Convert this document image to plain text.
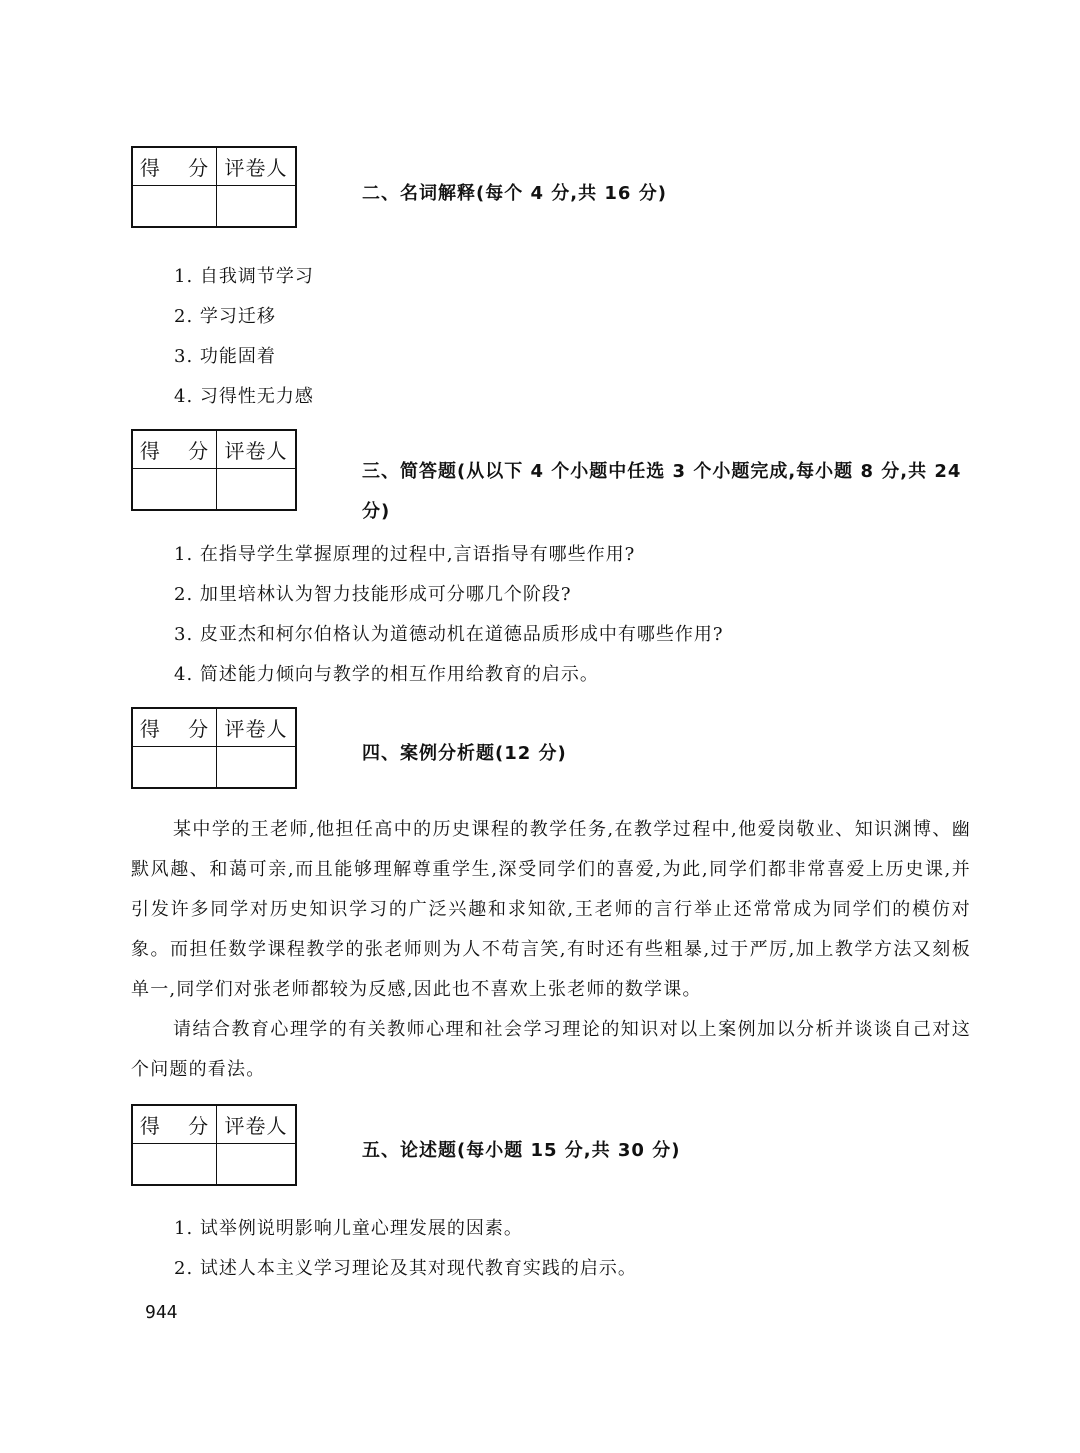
得 分 评卷人
二、名词解释(每个 4 分,共 16 分)
1. 自我调节学习
2. 学习迁移
3. 功能固着
4. 习得性无力感
得 分 评卷人
三、简答题(从以下 4 个小题中任选 3 个小题完成,每小题 8 分,共 24 分)
1. 在指导学生掌握原理的过程中,言语指导有哪些作用?
2. 加里培林认为智力技能形成可分哪几个阶段?
3. 皮亚杰和柯尔伯格认为道德动机在道德品质形成中有哪些作用?
4. 简述能力倾向与教学的相互作用给教育的启示。
得 分 评卷人
四、案例分析题(12 分)
某中学的王老师,他担任高中的历史课程的教学任务,在教学过程中,他爱岗敬业、知识渊博、幽默风趣、和蔼可亲,而且能够理解尊重学生,深受同学们的喜爱,为此,同学们都非常喜爱上历史课,并引发许多同学对历史知识学习的广泛兴趣和求知欲,王老师的言行举止还常常成为同学们的模仿对象。而担任数学课程教学的张老师则为人不苟言笑,有时还有些粗暴,过于严厉,加上教学方法又刻板单一,同学们对张老师都较为反感,因此也不喜欢上张老师的数学课。
请结合教育心理学的有关教师心理和社会学习理论的知识对以上案例加以分析并谈谈自己对这个问题的看法。
得 分 评卷人
五、论述题(每小题 15 分,共 30 分)
1. 试举例说明影响儿童心理发展的因素。
2. 试述人本主义学习理论及其对现代教育实践的启示。
944
